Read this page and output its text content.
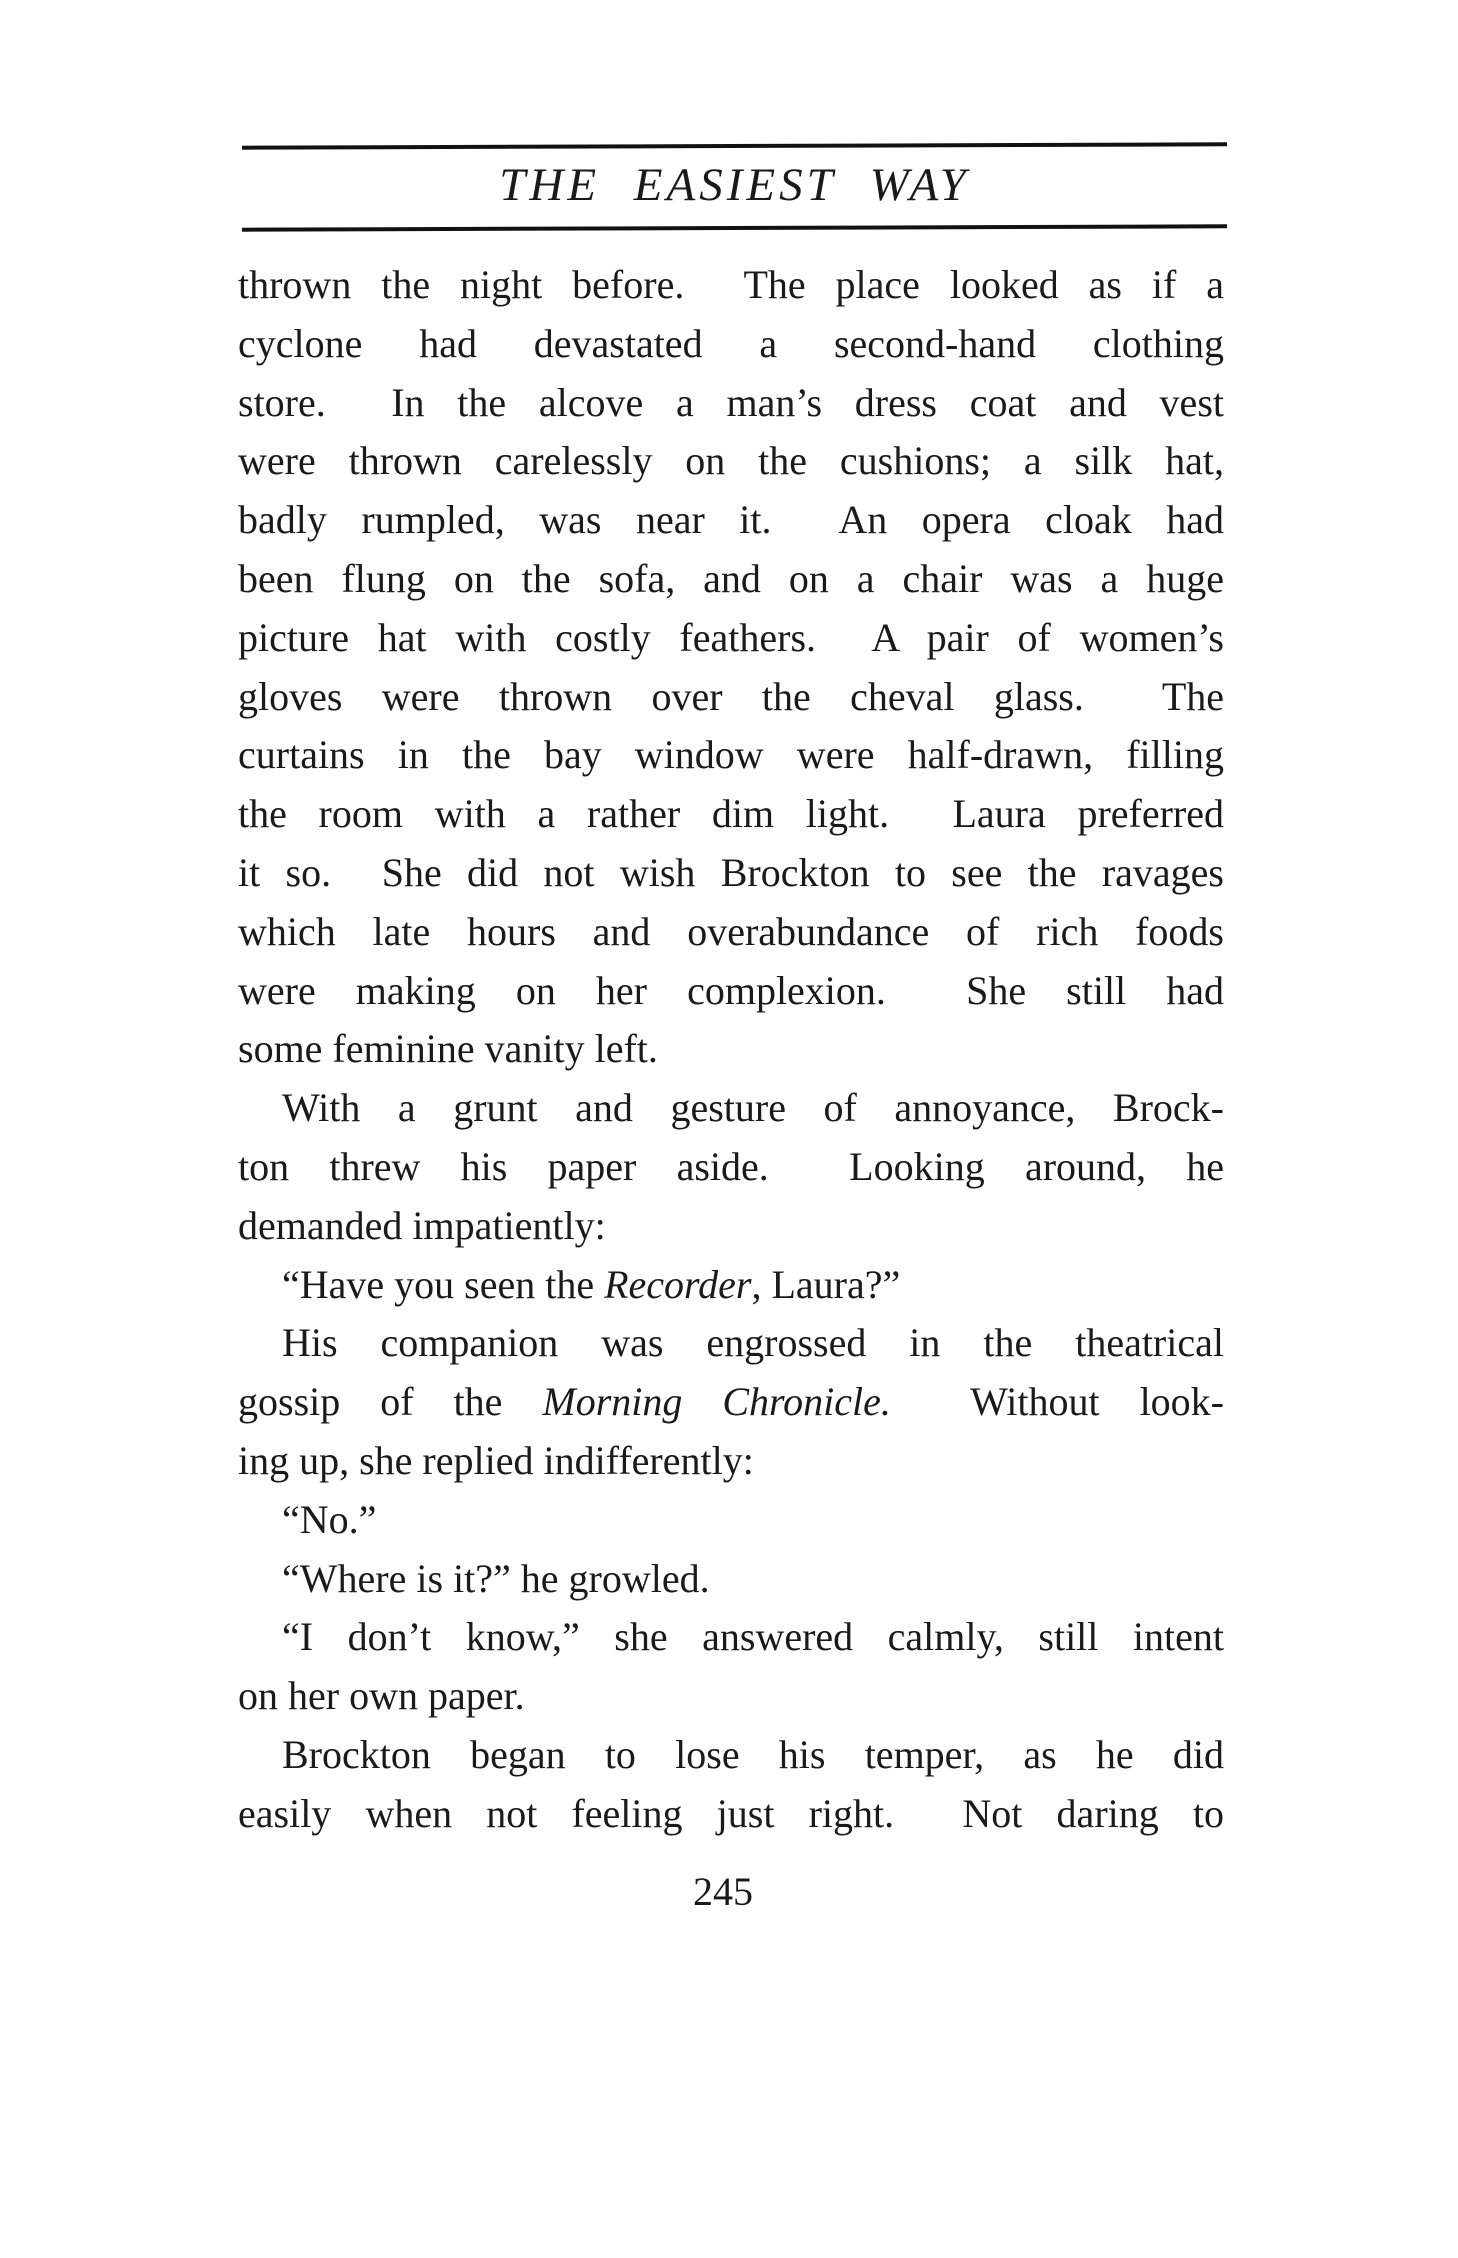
THE EASIEST WAY
thrown the night before.  The place looked as if a
cyclone had devastated a second-hand clothing
store.  In the alcove a man’s dress coat and vest
were thrown carelessly on the cushions; a silk hat,
badly rumpled, was near it.  An opera cloak had
been flung on the sofa, and on a chair was a huge
picture hat with costly feathers.  A pair of women’s
gloves were thrown over the cheval glass.  The
curtains in the bay window were half-drawn, filling
the room with a rather dim light.  Laura preferred
it so.  She did not wish Brockton to see the ravages
which late hours and overabundance of rich foods
were making on her complexion.  She still had
some feminine vanity left.
With a grunt and gesture of annoyance, Brock-
ton threw his paper aside.  Looking around, he
demanded impatiently:
“Have you seen the Recorder, Laura?”
His companion was engrossed in the theatrical
gossip of the Morning Chronicle.  Without look-
ing up, she replied indifferently:
“No.”
“Where is it?” he growled.
“I don’t know,” she answered calmly, still intent
on her own paper.
Brockton began to lose his temper, as he did
easily when not feeling just right.  Not daring to
245
